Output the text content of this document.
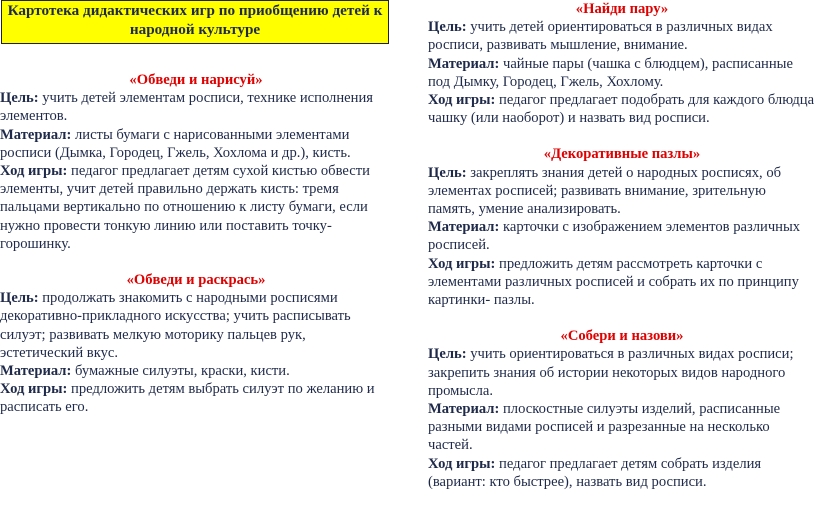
Картотека дидактических игр по приобщению детей к народной культуре
«Обведи и нарисуй»

Цель: учить детей элементам росписи, технике исполнения элементов.

Материал: листы бумаги с нарисованными элементами росписи (Дымка, Городец, Гжель, Хохлома и др.), кисть.

Ход игры: педагог предлагает детям сухой кистью обвести элементы, учит детей правильно держать кисть: тремя пальцами вертикально по отношению к листу бумаги, если нужно провести тонкую линию или поставить точку-горошинку.

«Обведи и раскрась»

Цель: продолжать знакомить с народными росписями декоративно-прикладного искусства; учить расписывать силуэт; развивать мелкую моторику пальцев рук, эстетический вкус.

Материал: бумажные силуэты, краски, кисти.

Ход игры: предложить детям выбрать силуэт по желанию и расписать его.

«Найди пару»

Цель: учить детей ориентироваться в различных видах росписи, развивать мышление, внимание.

Материал: чайные пары (чашка с блюдцем), расписанные под Дымку, Городец, Гжель, Хохлому.

Ход игры: педагог предлагает подобрать для каждого блюдца чашку (или наоборот) и назвать вид росписи.

«Декоративные пазлы»

Цель: закреплять знания детей о народных росписях, об элементах росписей; развивать внимание, зрительную память, умение анализировать.

Материал: карточки с изображением элементов различных росписей.

Ход игры: предложить детям рассмотреть карточки с элементами различных росписей и собрать их по принципу картинки- пазлы.

«Собери и назови»

Цель: учить ориентироваться в различных видах росписи; закрепить знания об истории некоторых видов народного промысла.

Материал: плоскостные силуэты изделий, расписанные разными видами росписей и разрезанные на несколько частей.

Ход игры: педагог предлагает детям собрать изделия (вариант: кто быстрее), назвать вид росписи.
